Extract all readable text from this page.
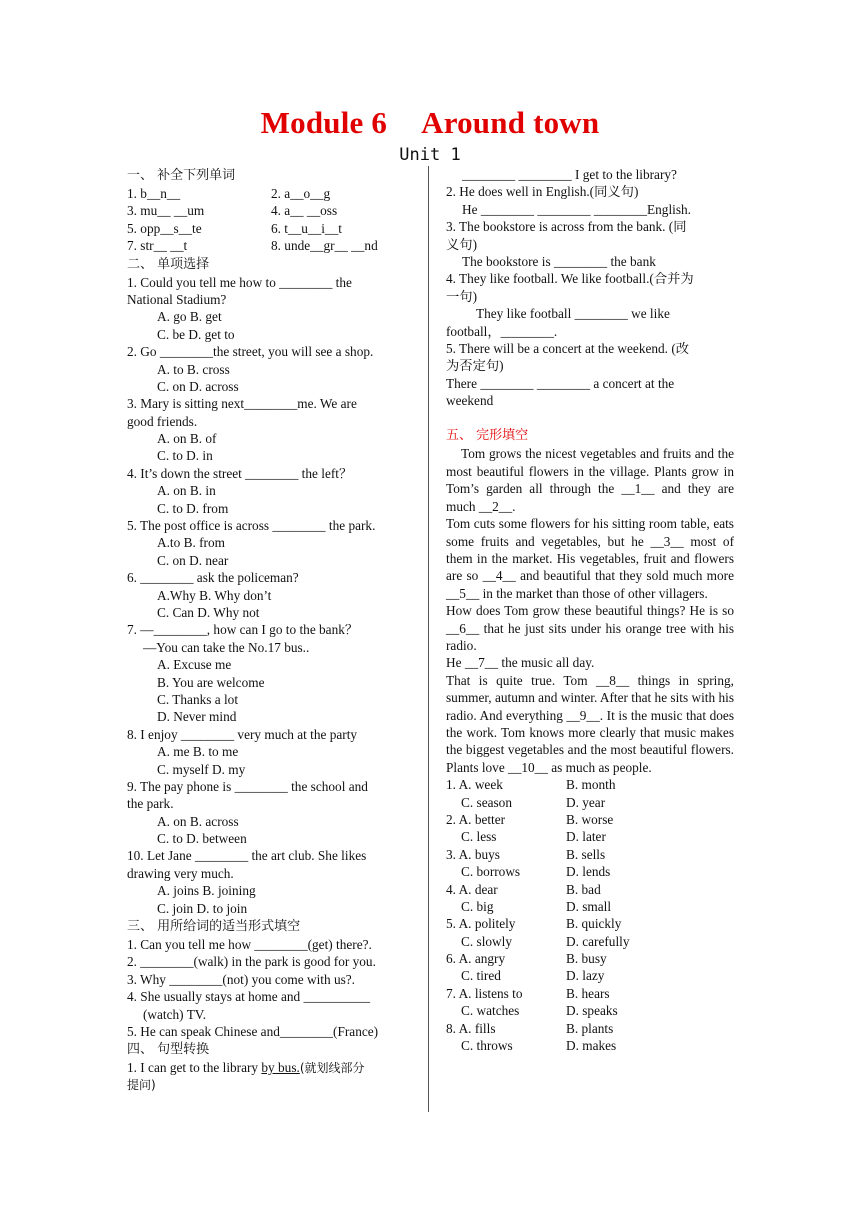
Module 6 Around town
Unit 1
一、 补全下列单词
1. b__n__	2. a__o__g
3. mu__ __um	4. a__ __oss
5. opp__s__te	6. t__u__i__t
7. str__ __t	8. unde__gr__ __nd
二、 单项选择
1. Could you tell me how to ________ the
National Stadium?
A. go B. get
C. be D. get to
2. Go ________the street, you will see a shop.
A. to B. cross
C. on D. across
3. Mary is sitting next________me. We are
good friends.
A. on B. of
C. to D. in
4. It’s down the street ________ the left？
A. on B. in
C. to D. from
5. The post office is across ________ the park.
A.to B. from
C. on D. near
6. ________ ask the policeman?
A.Why B. Why don’t
C. Can D. Why not
7. —________, how can I go to the bank？
—You can take the No.17 bus..
A. Excuse me
B. You are welcome
C. Thanks a lot
D. Never mind
8. I enjoy ________ very much at the party
A. me B. to me
C. myself D. my
9. The pay phone is ________ the school and
the park.
A. on B. across
C. to D. between
10. Let Jane ________ the art club. She likes
drawing very much.
A. joins B. joining
C. join D. to join
三、 用所给词的适当形式填空
1. Can you tell me how ________(get) there?.
2. ________(walk) in the park is good for you.
3. Why ________(not) you come with us?.
4. She usually stays at home and __________
(watch) TV.
5. He can speak Chinese and________(France)
四、 句型转换
1. I can get to the library by bus.(就划线部分
提问)
________ ________ I get to the library?
2. He does well in English.(同义句)
He ________ ________ ________English.
3. The bookstore is across from the bank. (同
义句)
The bookstore is ________ the bank
4. They like football. We like football.(合并为
一句)
They like football ________ we like
football，________.
5. There will be a concert at the weekend. (改
为否定句)
There ________ ________ a concert at the
weekend
五、 完形填空
Tom grows the nicest vegetables and fruits and the most beautiful flowers in the village. Plants grow in Tom’s garden all through the __1__ and they are much __2__.
Tom cuts some flowers for his sitting room table, eats some fruits and vegetables, but he __3__ most of them in the market. His vegetables, fruit and flowers are so __4__ and beautiful that they sold much more __5__ in the market than those of other villagers.
How does Tom grow these beautiful things? He is so __6__ that he just sits under his orange tree with his radio.
He __7__ the music all day.
That is quite true. Tom __8__ things in spring, summer, autumn and winter. After that he sits with his radio. And everything __9__. It is the music that does the work. Tom knows more clearly that music makes the biggest vegetables and the most beautiful flowers. Plants love __10__ as much as people.
1. A. week	B. month
C. season	D. year
2. A. better	B. worse
C. less	D. later
3. A. buys	B. sells
C. borrows	D. lends
4. A. dear	B. bad
C. big	D. small
5. A. politely	B. quickly
C. slowly	D. carefully
6. A. angry	B. busy
C. tired	D. lazy
7. A. listens to	B. hears
C. watches	D. speaks
8. A. fills	B. plants
C. throws	D. makes
